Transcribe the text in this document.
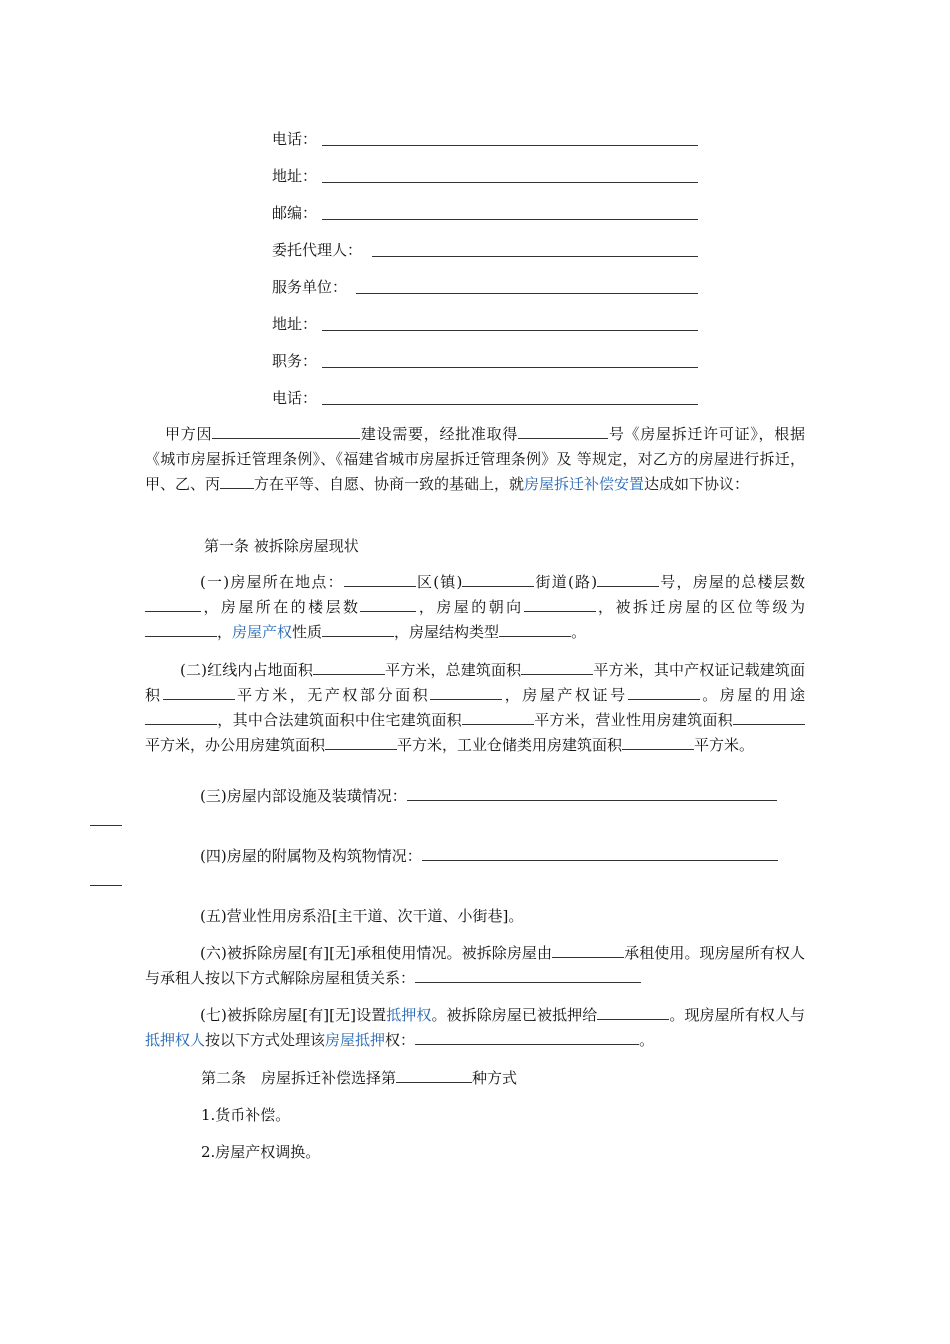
电话：
地址：
邮编：
委托代理人：
服务单位：
地址：
职务：
电话：
甲方因	建设需要，经批准取得	号《房屋拆迁许可证》，根据《城市房屋拆迁管理条例》、《福建省城市房屋拆迁管理条例》及 等规定，对乙方的房屋进行拆迁，甲、乙、丙 方在平等、自愿、协商一致的基础上，就房屋拆迁补偿安置达成如下协议：
第一条 被拆除房屋现状
(一)房屋所在地点：	区(镇)	街道(路)	号，房屋的总楼层数，房屋所在的楼层数	，房屋的朝向	，被拆迁房屋的区位等级为，房屋产权性质	，房屋结构类型	。
(二)红线内占地面积	平方米，总建筑面积	平方米，其中产权证记载建筑面积	平方米，无产权部分面积	，房屋产权证号	。房屋的用途，其中合法建筑面积中住宅建筑面积	平方米，营业性用房建筑面积平方米，办公用房建筑面积	平方米，工业仓储类用房建筑面积	平方米。
(三)房屋内部设施及装璜情况：

(四)房屋的附属物及构筑物情况：

(五)营业性用房系沿[主干道、次干道、小街巷]。
(六)被拆除房屋[有][无]承租使用情况。被拆除房屋由	承租使用。现房屋所有权人与承租人按以下方式解除房屋租赁关系：
(七)被拆除房屋[有][无]设置抵押权。被拆除房屋已被抵押给	。现房屋所有权人与抵押权人按以下方式处理该房屋抵押权：	。
第二条　房屋拆迁补偿选择第	种方式
1.货币补偿。
2.房屋产权调换。
